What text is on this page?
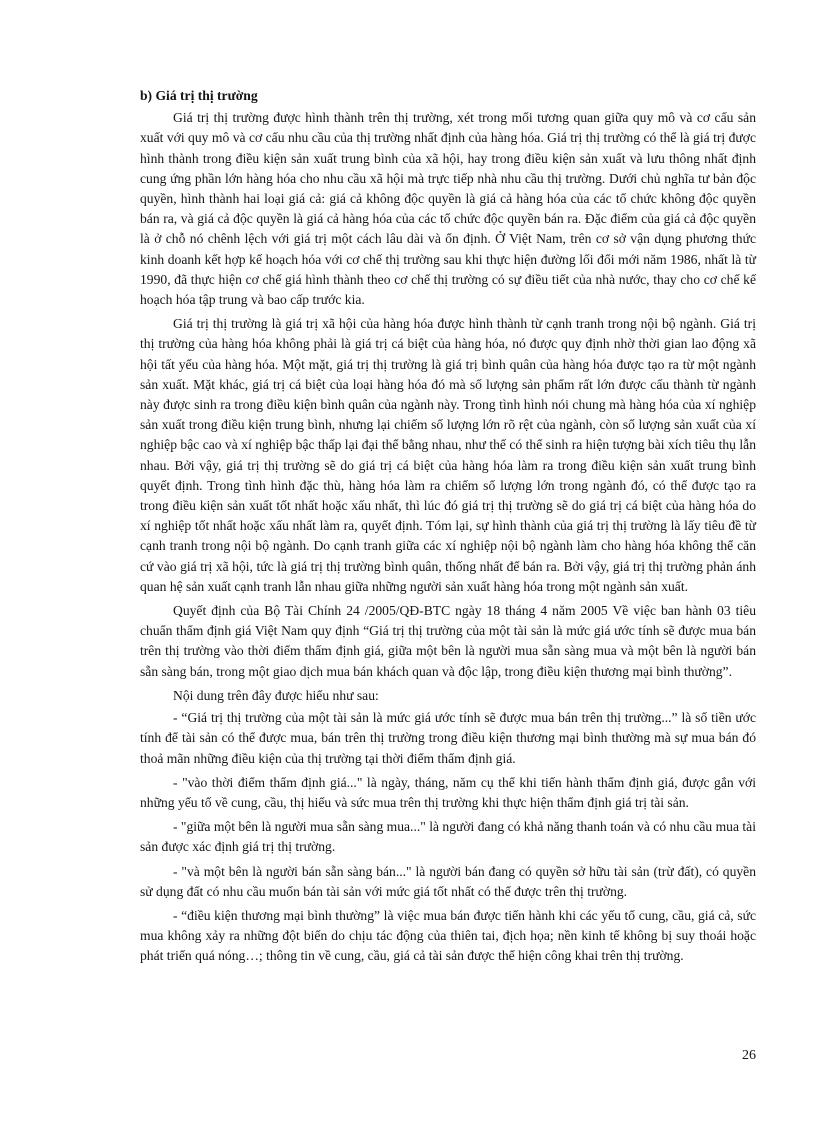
b) Giá trị thị trường

Giá trị thị trường được hình thành trên thị trường, xét trong mối tương quan giữa quy mô và cơ cấu sản xuất với quy mô và cơ cấu nhu cầu của thị trường nhất định của hàng hóa. Giá trị thị trường có thể là giá trị được hình thành trong điều kiện sản xuất trung bình của xã hội, hay trong điều kiện sản xuất và lưu thông nhất định cung ứng phần lớn hàng hóa cho nhu cầu xã hội mà trực tiếp nhà nhu cầu thị trường. Dưới chủ nghĩa tư bản độc quyền, hình thành hai loại giá cả: giá cả không độc quyền là giá cả hàng hóa của các tổ chức không độc quyền bán ra, và giá cả độc quyền là giá cả hàng hóa của các tổ chức độc quyền bán ra. Đặc điểm của giá cả độc quyền là ở chỗ nó chênh lệch với giá trị một cách lâu dài và ổn định. Ở Việt Nam, trên cơ sở vận dụng phương thức kinh doanh kết hợp kế hoạch hóa với cơ chế thị trường sau khi thực hiện đường lối đổi mới năm 1986, nhất là từ 1990, đã thực hiện cơ chế giá hình thành theo cơ chế thị trường có sự điều tiết của nhà nước, thay cho cơ chế kế hoạch hóa tập trung và bao cấp trước kia.

Giá trị thị trường là giá trị xã hội của hàng hóa được hình thành từ cạnh tranh trong nội bộ ngành. Giá trị thị trường của hàng hóa không phải là giá trị cá biệt của hàng hóa, nó được quy định nhờ thời gian lao động xã hội tất yếu của hàng hóa. Một mặt, giá trị thị trường là giá trị bình quân của hàng hóa được tạo ra từ một ngành sản xuất. Mặt khác, giá trị cá biệt của loại hàng hóa đó mà số lượng sản phẩm rất lớn được cấu thành từ ngành này được sinh ra trong điều kiện bình quân của ngành này. Trong tình hình nói chung mà hàng hóa của xí nghiệp sản xuất trong điều kiện trung bình, nhưng lại chiếm số lượng lớn rõ rệt của ngành, còn số lượng sản xuất của xí nghiệp bậc cao và xí nghiệp bậc thấp lại đại thể bằng nhau, như thế có thể sinh ra hiện tượng bài xích tiêu thụ lẫn nhau. Bởi vậy, giá trị thị trường sẽ do giá trị cá biệt của hàng hóa làm ra trong điều kiện sản xuất trung bình quyết định. Trong tình hình đặc thù, hàng hóa làm ra chiếm số lượng lớn trong ngành đó, có thể được tạo ra trong điều kiện sản xuất tốt nhất hoặc xấu nhất, thì lúc đó giá trị thị trường sẽ do giá trị cá biệt của hàng hóa do xí nghiệp tốt nhất hoặc xấu nhất làm ra, quyết định. Tóm lại, sự hình thành của giá trị thị trường là lấy tiêu đề từ cạnh tranh trong nội bộ ngành. Do cạnh tranh giữa các xí nghiệp nội bộ ngành làm cho hàng hóa không thể căn cứ vào giá trị xã hội, tức là giá trị thị trường bình quân, thống nhất để bán ra. Bởi vậy, giá trị thị trường phản ánh quan hệ sản xuất cạnh tranh lẫn nhau giữa những người sản xuất hàng hóa trong một ngành sản xuất.

Quyết định của Bộ Tài Chính 24 /2005/QĐ-BTC ngày 18 tháng 4 năm 2005 Về việc ban hành 03 tiêu chuẩn thẩm định giá Việt Nam quy định “Giá trị thị trường của một tài sản là mức giá ước tính sẽ được mua bán trên thị trường vào thời điểm thẩm định giá, giữa một bên là người mua sẵn sàng mua và một bên là người bán sẵn sàng bán, trong một giao dịch mua bán khách quan và độc lập, trong điều kiện thương mại bình thường”.

Nội dung trên đây được hiểu như sau:

- “Giá trị thị trường của một tài sản là mức giá ước tính sẽ được mua bán trên thị trường...” là số tiền ước tính để tài sản có thể được mua, bán trên thị trường trong điều kiện thương mại bình thường mà sự mua bán đó thoả mãn những điều kiện của thị trường tại thời điểm thẩm định giá.

- "vào thời điểm thẩm định giá..." là ngày, tháng, năm cụ thể khi tiến hành thẩm định giá, được gắn với những yếu tố về cung, cầu, thị hiếu và sức mua trên thị trường khi thực hiện thẩm định giá trị tài sản.

- "giữa một bên là người mua sẵn sàng mua..." là người đang có khả năng thanh toán và có nhu cầu mua tài sản được xác định giá trị thị trường.

- "và một bên là người bán sẵn sàng bán..." là người bán đang có quyền sở hữu tài sản (trừ đất), có quyền sử dụng đất có nhu cầu muốn bán tài sản với mức giá tốt nhất có thể được trên thị trường.

- “điều kiện thương mại bình thường” là việc mua bán được tiến hành khi các yếu tố cung, cầu, giá cả, sức mua không xảy ra những đột biến do chịu tác động của thiên tai, địch họa; nền kinh tế không bị suy thoái hoặc phát triển quá nóng…; thông tin về cung, cầu, giá cả tài sản được thể hiện công khai trên thị trường.

26
